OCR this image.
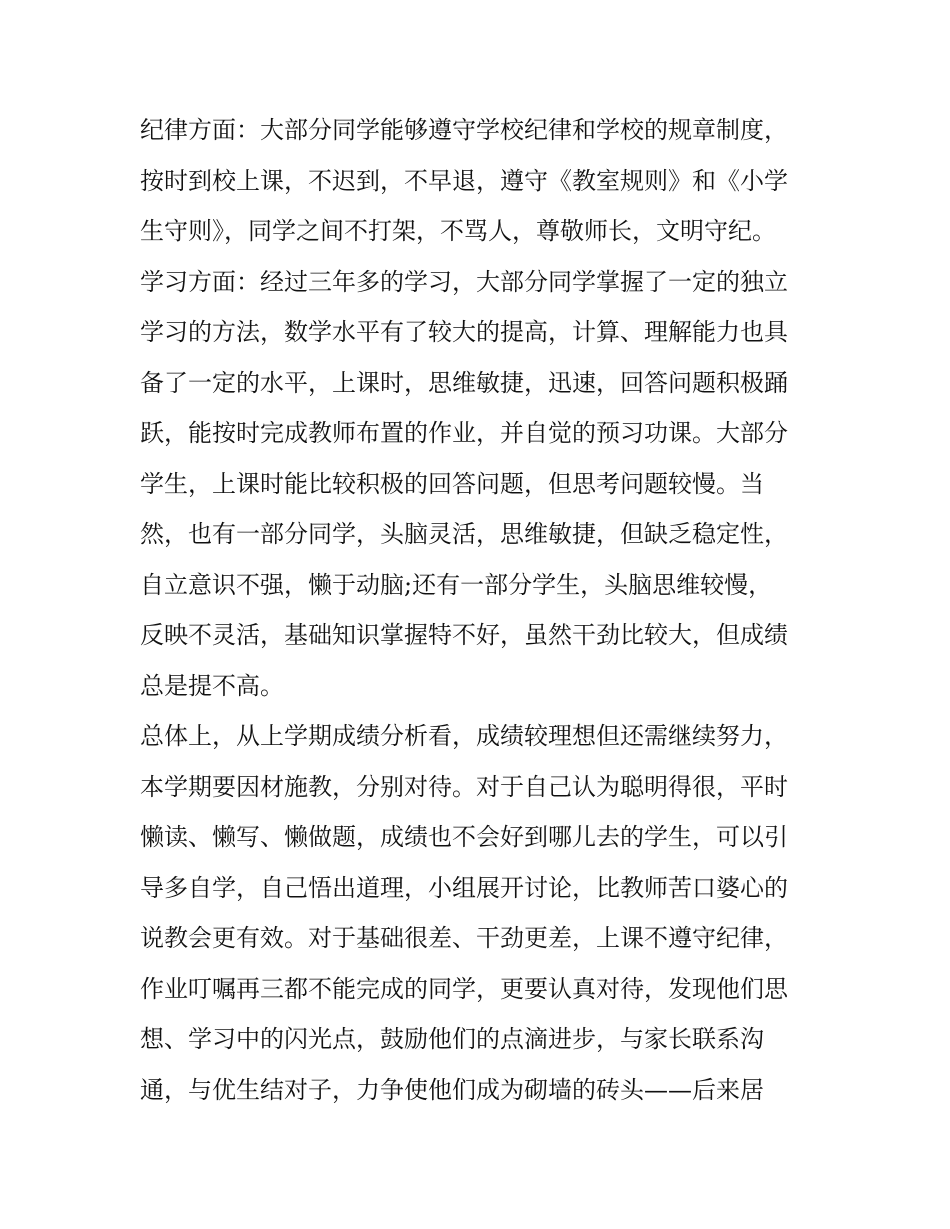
纪律方面：大部分同学能够遵守学校纪律和学校的规章制度，
按时到校上课，不迟到，不早退，遵守《教室规则》和《小学
生守则》，同学之间不打架，不骂人，尊敬师长，文明守纪。
学习方面：经过三年多的学习，大部分同学掌握了一定的独立
学习的方法，数学水平有了较大的提高，计算、理解能力也具
备了一定的水平，上课时，思维敏捷，迅速，回答问题积极踊
跃，能按时完成教师布置的作业，并自觉的预习功课。大部分
学生，上课时能比较积极的回答问题，但思考问题较慢。当
然，也有一部分同学，头脑灵活，思维敏捷，但缺乏稳定性，
自立意识不强，懒于动脑;还有一部分学生，头脑思维较慢，
反映不灵活，基础知识掌握特不好，虽然干劲比较大，但成绩
总是提不高。
总体上，从上学期成绩分析看，成绩较理想但还需继续努力，
本学期要因材施教，分别对待。对于自己认为聪明得很，平时
懒读、懒写、懒做题，成绩也不会好到哪儿去的学生，可以引
导多自学，自己悟出道理，小组展开讨论，比教师苦口婆心的
说教会更有效。对于基础很差、干劲更差，上课不遵守纪律，
作业叮嘱再三都不能完成的同学，更要认真对待，发现他们思
想、学习中的闪光点，鼓励他们的点滴进步，与家长联系沟
通，与优生结对子，力争使他们成为砌墙的砖头——后来居
